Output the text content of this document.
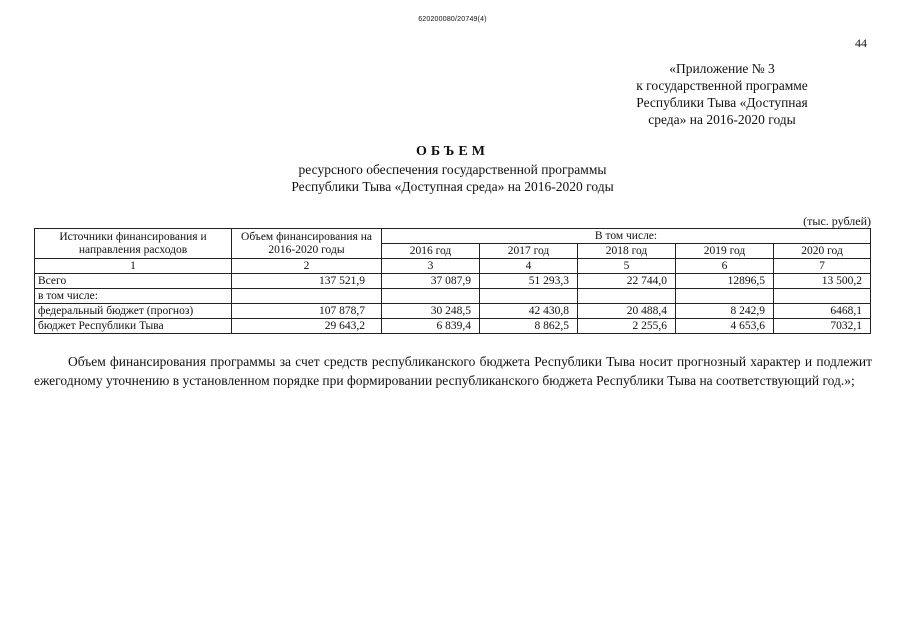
620200080/20749(4)
44
«Приложение № 3
к государственной программе
Республики Тыва «Доступная
среда» на 2016-2020 годы
ОБЪЕМ
ресурсного обеспечения государственной программы
Республики Тыва «Доступная среда» на 2016-2020 годы
(тыс. рублей)
Источники финансирования и направления расходов	Объем финансирования на 2016-2020 годы	В том числе:				
		2016 год	2017 год	2018 год	2019 год	2020 год
1	2	3	4	5	6	7
Всего	137 521,9	37 087,9	51 293,3	22 744,0	12896,5	13 500,2
в том числе:						
федеральный бюджет (прогноз)	107 878,7	30 248,5	42 430,8	20 488,4	8 242,9	6468,1
бюджет Республики Тыва	29 643,2	6 839,4	8 862,5	2 255,6	4 653,6	7032,1
Объем финансирования программы за счет средств республиканского бюджета Республики Тыва носит прогнозный характер и подлежит ежегодному уточнению в установленном порядке при формировании республиканского бюджета Республики Тыва на соответствующий год.»;
